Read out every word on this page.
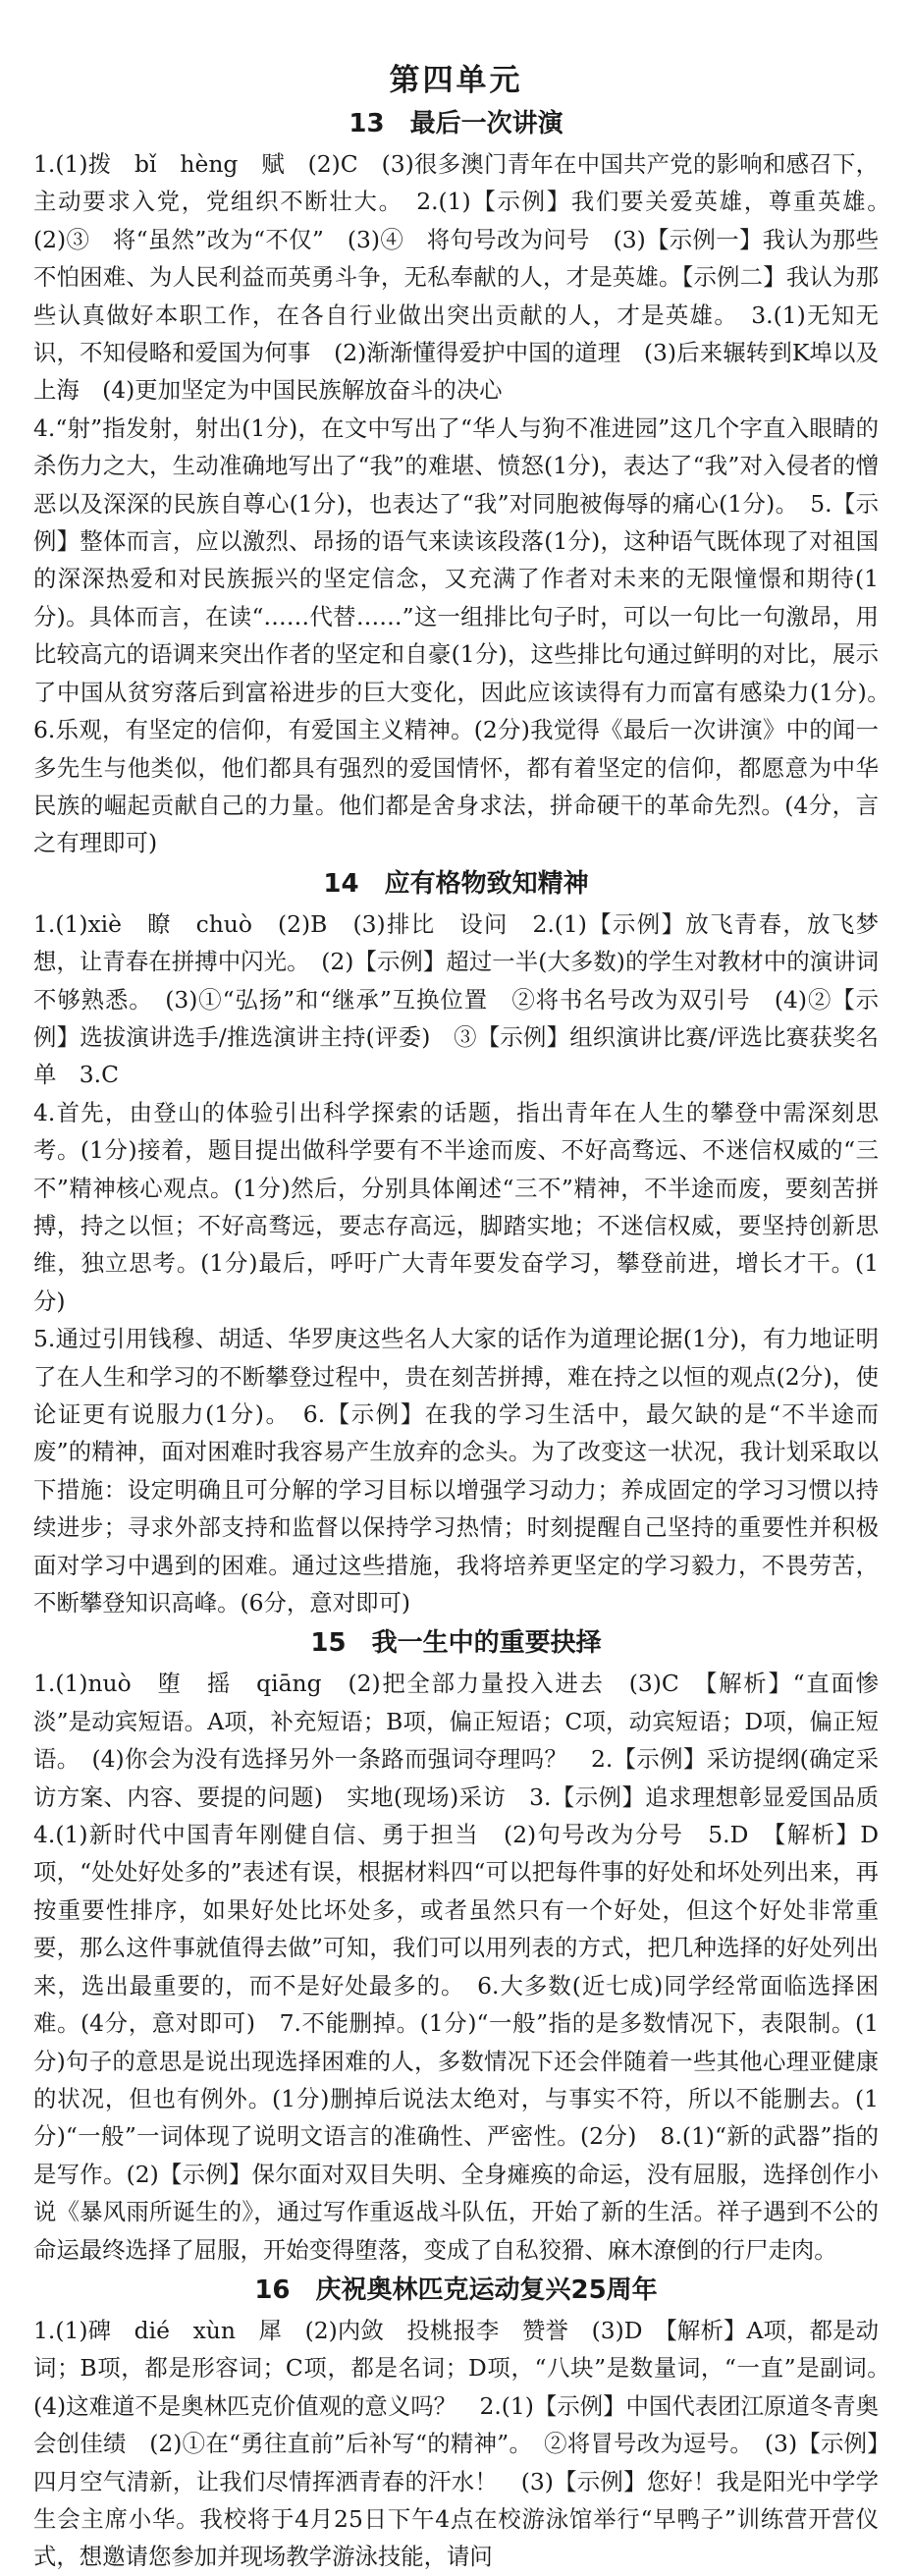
第四单元
13 最后一次讲演

1.(1)拨　bǐ　hèng　赋　(2)C　(3)很多澳门青年在中国共产党的影响和感召下，主动要求入党，党组织不断壮大。　2.(1)【示例】我们要关爱英雄，尊重英雄。　(2)③　将“虽然”改为“不仅”　(3)④　将句号改为问号　(3)【示例一】我认为那些不怕困难、为人民利益而英勇斗争，无私奉献的人，才是英雄。【示例二】我认为那些认真做好本职工作，在各自行业做出突出贡献的人，才是英雄。　3.(1)无知无识，不知侵略和爱国为何事　(2)渐渐懂得爱护中国的道理　(3)后来辗转到K埠以及上海　(4)更加坚定为中国民族解放奋斗的决心

4.“射”指发射，射出(1分)，在文中写出了“华人与狗不准进园”这几个字直入眼睛的杀伤力之大，生动准确地写出了“我”的难堪、愤怒(1分)，表达了“我”对入侵者的憎恶以及深深的民族自尊心(1分)，也表达了“我”对同胞被侮辱的痛心(1分)。　5.【示例】整体而言，应以激烈、昂扬的语气来读该段落(1分)，这种语气既体现了对祖国的深深热爱和对民族振兴的坚定信念，又充满了作者对未来的无限憧憬和期待(1分)。具体而言，在读“……代替……”这一组排比句子时，可以一句比一句激昂，用比较高亢的语调来突出作者的坚定和自豪(1分)，这些排比句通过鲜明的对比，展示了中国从贫穷落后到富裕进步的巨大变化，因此应该读得有力而富有感染力(1分)。　6.乐观，有坚定的信仰，有爱国主义精神。(2分)我觉得《最后一次讲演》中的闻一多先生与他类似，他们都具有强烈的爱国情怀，都有着坚定的信仰，都愿意为中华民族的崛起贡献自己的力量。他们都是舍身求法，拼命硬干的革命先烈。(4分，言之有理即可)

14 应有格物致知精神

1.(1)xiè　瞭　chuò　(2)B　(3)排比　设问　2.(1)【示例】放飞青春，放飞梦想，让青春在拼搏中闪光。　(2)【示例】超过一半(大多数)的学生对教材中的演讲词不够熟悉。　(3)①“弘扬”和“继承”互换位置　②将书名号改为双引号　(4)②【示例】选拔演讲选手/推选演讲主持(评委)　③【示例】组织演讲比赛/评选比赛获奖名单　3.C

4.首先，由登山的体验引出科学探索的话题，指出青年在人生的攀登中需深刻思考。(1分)接着，题目提出做科学要有不半途而废、不好高骛远、不迷信权威的“三不”精神核心观点。(1分)然后，分别具体阐述“三不”精神，不半途而废，要刻苦拼搏，持之以恒；不好高骛远，要志存高远，脚踏实地；不迷信权威，要坚持创新思维，独立思考。(1分)最后，呼吁广大青年要发奋学习，攀登前进，增长才干。(1分)

5.通过引用钱穆、胡适、华罗庚这些名人大家的话作为道理论据(1分)，有力地证明了在人生和学习的不断攀登过程中，贵在刻苦拼搏，难在持之以恒的观点(2分)，使论证更有说服力(1分)。　6.【示例】在我的学习生活中，最欠缺的是“不半途而废”的精神，面对困难时我容易产生放弃的念头。为了改变这一状况，我计划采取以下措施：设定明确且可分解的学习目标以增强学习动力；养成固定的学习习惯以持续进步；寻求外部支持和监督以保持学习热情；时刻提醒自己坚持的重要性并积极面对学习中遇到的困难。通过这些措施，我将培养更坚定的学习毅力，不畏劳苦，不断攀登知识高峰。(6分，意对即可)

15 我一生中的重要抉择

1.(1)nuò　堕　摇　qiāng　(2)把全部力量投入进去　(3)C　【解析】“直面惨淡”是动宾短语。A项，补充短语；B项，偏正短语；C项，动宾短语；D项，偏正短语。　(4)你会为没有选择另外一条路而强词夺理吗？　2.【示例】采访提纲(确定采访方案、内容、要提的问题)　实地(现场)采访　3.【示例】追求理想彰显爱国品质　4.(1)新时代中国青年刚健自信、勇于担当　(2)句号改为分号　5.D　【解析】D项，“处处好处多的”表述有误，根据材料四“可以把每件事的好处和坏处列出来，再按重要性排序，如果好处比坏处多，或者虽然只有一个好处，但这个好处非常重要，那么这件事就值得去做”可知，我们可以用列表的方式，把几种选择的好处列出来，选出最重要的，而不是好处最多的。　6.大多数(近七成)同学经常面临选择困难。(4分，意对即可)　7.不能删掉。(1分)“一般”指的是多数情况下，表限制。(1分)句子的意思是说出现选择困难的人，多数情况下还会伴随着一些其他心理亚健康的状况，但也有例外。(1分)删掉后说法太绝对，与事实不符，所以不能删去。(1分)“一般”一词体现了说明文语言的准确性、严密性。(2分)　8.(1)“新的武器”指的是写作。(2)【示例】保尔面对双目失明、全身瘫痪的命运，没有屈服，选择创作小说《暴风雨所诞生的》，通过写作重返战斗队伍，开始了新的生活。祥子遇到不公的命运最终选择了屈服，开始变得堕落，变成了自私狡猾、麻木潦倒的行尸走肉。

16 庆祝奥林匹克运动复兴25周年

1.(1)碑　dié　xùn　犀　(2)内敛　投桃报李　赞誉　(3)D　【解析】A项，都是动词；B项，都是形容词；C项，都是名词；D项，“八块”是数量词，“一直”是副词。　(4)这难道不是奥林匹克价值观的意义吗？　2.(1)【示例】中国代表团江原道冬青奥会创佳绩　(2)①在“勇往直前”后补写“的精神”。　②将冒号改为逗号。　(3)【示例】四月空气清新，让我们尽情挥洒青春的汗水！　(3)【示例】您好！我是阳光中学学生会主席小华。我校将于4月25日下午4点在校游泳馆举行“早鸭子”训练营开营仪式，想邀请您参加并现场教学游泳技能，请问
